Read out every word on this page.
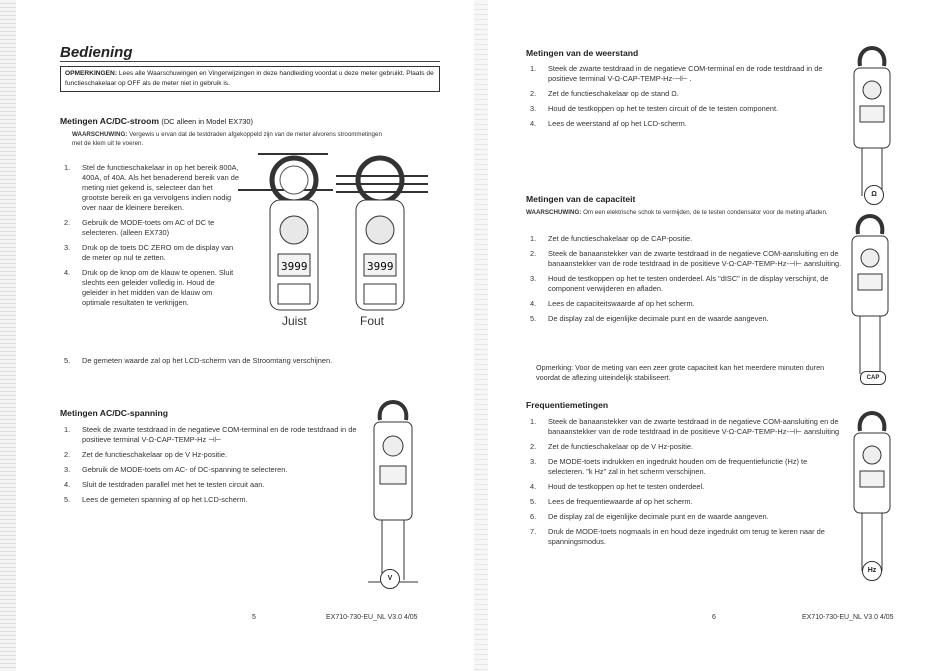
Bediening
OPMERKINGEN: Lees alle Waarschuwingen en Vingerwijzingen in deze handleiding voordat u deze meter gebruikt. Plaats de functieschakelaar op OFF als de meter niet in gebruik is.
Metingen AC/DC-stroom (DC alleen in Model EX730)
WAARSCHUWING: Vergewis u ervan dat de testdraden afgekoppeld zijn van de meter alvorens stroommetingen met de klem uit te voeren.
1. Stel de functieschakelaar in op het bereik 800A, 400A, of 40A. Als het benaderend bereik van de meting niet gekend is, selecteer dan het grootste bereik en ga vervolgens indien nodig over naar de kleinere bereiken.
2. Gebruik de MODE-toets om AC of DC te selecteren. (alleen EX730)
3. Druk op de toets DC ZERO om de display van de meter op nul te zetten.
4. Druk op de knop om de klauw te openen. Sluit slechts een geleider volledig in. Houd de geleider in het midden van de klauw om optimale resultaten te verkrijgen.
5. De gemeten waarde zal op het LCD-scherm van de Stroomtang verschijnen.
3999	3999
Juist	Fout
Metingen AC/DC-spanning
1. Steek de zwarte testdraad in de negatieve COM-terminal en de rode testdraad in de positieve terminal V-Ω-CAP-TEMP-Hz ⊣⊢
2. Zet de functieschakelaar op de V Hz-positie.
3. Gebruik de MODE-toets om AC- of DC-spanning te selecteren.
4. Sluit de testdraden parallel met het te testen circuit aan.
5. Lees de gemeten spanning af op het LCD-scherm.
V
5	EX710-730-EU_NL V3.0 4/05
Metingen van de weerstand
1. Steek de zwarte testdraad in de negatieve COM-terminal en de rode testdraad in de positieve terminal V-Ω-CAP-TEMP-Hz-⊣⊢ .
2. Zet de functieschakelaar op de stand Ω.
3. Houd de testkoppen op het te testen circuit of de te testen component.
4. Lees de weerstand af op het LCD-scherm.
Ω
Metingen van de capaciteit
WAARSCHUWING: Om een elektrische schok te vermijden, de te testen condensator voor de meting afladen.
1. Zet de functieschakelaar op de CAP-positie.
2. Steek de banaanstekker van de zwarte testdraad in de negatieve COM-aansluiting en de banaanstekker van de rode testdraad in de positieve V-Ω-CAP-TEMP-Hz-⊣⊢ aansluiting.
3. Houd de testkoppen op het te testen onderdeel. Als "dISC" in de display verschijnt, de component verwijderen en afladen.
4. Lees de capaciteitswaarde af op het scherm.
5. De display zal de eigenlijke decimale punt en de waarde aangeven.
Opmerking: Voor de meting van een zeer grote capaciteit kan het meerdere minuten duren voordat de aflezing uiteindelijk stabiliseert.	CAP
Frequentiemetingen
1. Steek de banaanstekker van de zwarte testdraad in de negatieve COM-aansluiting en de banaanstekker van de rode testdraad in de positieve V-Ω-CAP-TEMP-Hz-⊣⊢ aansluiting
2. Zet de functieschakelaar op de V Hz-positie.
3. De MODE-toets indrukken en ingedrukt houden om de frequentiefunctie (Hz) te selecteren. "k Hz" zal in het scherm verschijnen.
4. Houd de testkoppen op het te testen onderdeel.
5. Lees de frequentiewaarde af op het scherm.
6. De display zal de eigenlijke decimale punt en de waarde aangeven.
7. Druk de MODE-toets nogmaals in en houd deze ingedrukt om terug te keren naar de spanningsmodus.
Hz
6	EX710-730-EU_NL V3.0 4/05
